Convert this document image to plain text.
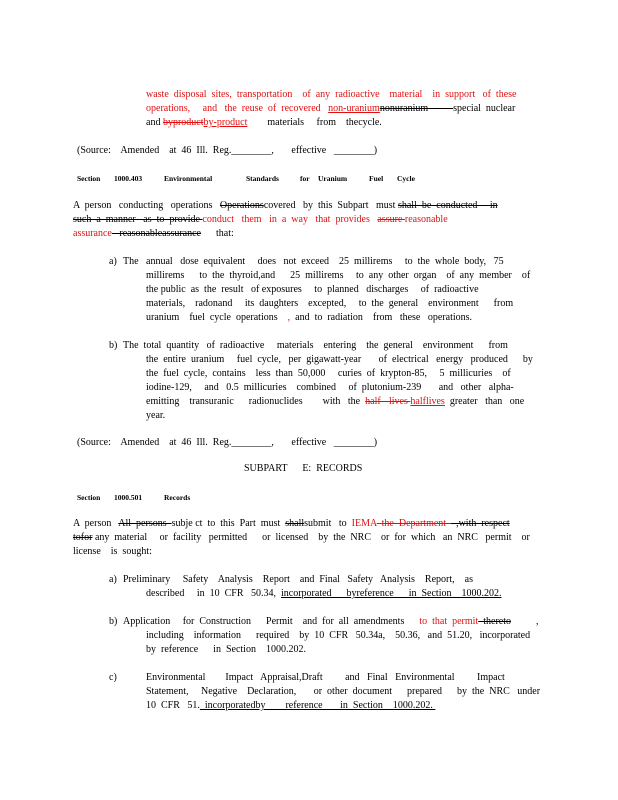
waste  disposal  sites,  transportation    of  any  radioactive    material    in  support   of  these
operations,     and   the  reuse  of  recovered   non-uraniumnonuranium	special  nuclear
and byproductby-product        materials     from    thecycle.
(Source:    Amended    at  46  Ill.  Reg.________,       effective   ________)
Section 1000.403	Environmental	Standards	for Uranium	Fuel Cycle
A  person   conducting   operations   Operationscovered   by  this  Subpart   must shall  be  conducted     in
such  a  manner   as  to  provide conduct   them   in  a  way   that  provides   assure reasonable
assurance   reasonableassurance      that:
a) The   annual   dose  equivalent     does   not  exceed    25  millirems     to  the  whole  body,   75
millirems      to  the  thyroid,and      25  millirems     to  any  other  organ    of  any  member    of
the public  as  the  result   of exposures     to  planned   discharges     of  radioactive
materials,    radonand     its  daughters    excepted,     to  the  general    environment      from
uranium    fuel  cycle  operations    ,  and  to  radiation    from   these   operations.
b) The  total  quantity   of  radioactive     materials    entering    the  general    environment      from
the  entire  uranium     fuel  cycle,   per  gigawatt-year       of  electrical   energy   produced      by
the  fuel  cycle,  contains    less  than  50,000     curies  of  krypton-85,     5  millicuries    of
iodine-129,     and   0.5  millicuries    combined     of  plutonium-239       and   other   alpha-
emitting    transuranic      radionuclides        with   the  half - lives halflives  greater   than   one
year.
(Source:    Amended    at  46  Ill.  Reg.________,       effective   ________)
SUBPART      E:  RECORDS
Section 1000.501	Records
A  person   All  persons  subje ct  to  this  Part  must  shallsubmit   to  IEMA the  Department    ,with  respect
tofor any  material     or  facility   permitted      or  licensed    by  the  NRC    or  for  which   an  NRC   permit    or
license    is  sought:
a) Preliminary     Safety    Analysis    Report    and  Final   Safety   Analysis    Report,    as
described     in  10  CFR   50.34,  incorporated      byreference      in  Section    1000.202.
b) Application     for  Construction      Permit    and  for  all  amendments      to  that  permit  thereto          ,
including    information      required    by  10  CFR   50.34a,    50.36,   and  51.20,   incorporated
by  reference      in  Section    1000.202.
c)	Environmental        Impact   Appraisal,Draft         and   Final   Environmental         Impact
Statement,     Negative    Declaration,       or  other  document      prepared      by  the  NRC   under
10  CFR   51.  incorporatedby        reference       in  Section    1000.202.
